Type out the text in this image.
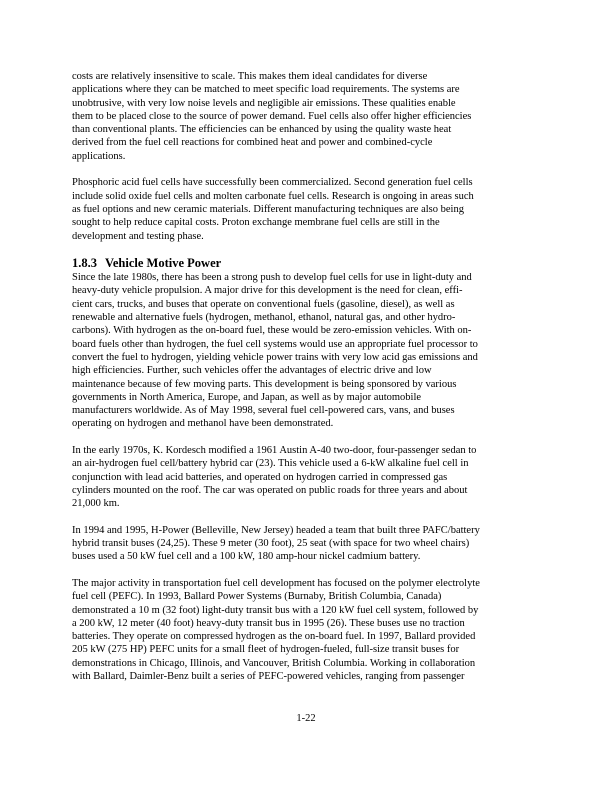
costs are relatively insensitive to scale. This makes them ideal candidates for diverse
applications where they can be matched to meet specific load requirements. The systems are
unobtrusive, with very low noise levels and negligible air emissions. These qualities enable
them to be placed close to the source of power demand. Fuel cells also offer higher efficiencies
than conventional plants. The efficiencies can be enhanced by using the quality waste heat
derived from the fuel cell reactions for combined heat and power and combined-cycle
applications.

Phosphoric acid fuel cells have successfully been commercialized. Second generation fuel cells
include solid oxide fuel cells and molten carbonate fuel cells. Research is ongoing in areas such
as fuel options and new ceramic materials. Different manufacturing techniques are also being
sought to help reduce capital costs. Proton exchange membrane fuel cells are still in the
development and testing phase.

1.8.3 Vehicle Motive Power

Since the late 1980s, there has been a strong push to develop fuel cells for use in light-duty and
heavy-duty vehicle propulsion. A major drive for this development is the need for clean, effi-
cient cars, trucks, and buses that operate on conventional fuels (gasoline, diesel), as well as
renewable and alternative fuels (hydrogen, methanol, ethanol, natural gas, and other hydro-
carbons). With hydrogen as the on-board fuel, these would be zero-emission vehicles. With on-
board fuels other than hydrogen, the fuel cell systems would use an appropriate fuel processor to
convert the fuel to hydrogen, yielding vehicle power trains with very low acid gas emissions and
high efficiencies. Further, such vehicles offer the advantages of electric drive and low
maintenance because of few moving parts. This development is being sponsored by various
governments in North America, Europe, and Japan, as well as by major automobile
manufacturers worldwide. As of May 1998, several fuel cell-powered cars, vans, and buses
operating on hydrogen and methanol have been demonstrated.

In the early 1970s, K. Kordesch modified a 1961 Austin A-40 two-door, four-passenger sedan to
an air-hydrogen fuel cell/battery hybrid car (23). This vehicle used a 6-kW alkaline fuel cell in
conjunction with lead acid batteries, and operated on hydrogen carried in compressed gas
cylinders mounted on the roof. The car was operated on public roads for three years and about
21,000 km.

In 1994 and 1995, H-Power (Belleville, New Jersey) headed a team that built three PAFC/battery
hybrid transit buses (24,25). These 9 meter (30 foot), 25 seat (with space for two wheel chairs)
buses used a 50 kW fuel cell and a 100 kW, 180 amp-hour nickel cadmium battery.

The major activity in transportation fuel cell development has focused on the polymer electrolyte
fuel cell (PEFC). In 1993, Ballard Power Systems (Burnaby, British Columbia, Canada)
demonstrated a 10 m (32 foot) light-duty transit bus with a 120 kW fuel cell system, followed by
a 200 kW, 12 meter (40 foot) heavy-duty transit bus in 1995 (26). These buses use no traction
batteries. They operate on compressed hydrogen as the on-board fuel. In 1997, Ballard provided
205 kW (275 HP) PEFC units for a small fleet of hydrogen-fueled, full-size transit buses for
demonstrations in Chicago, Illinois, and Vancouver, British Columbia. Working in collaboration
with Ballard, Daimler-Benz built a series of PEFC-powered vehicles, ranging from passenger

1-22
